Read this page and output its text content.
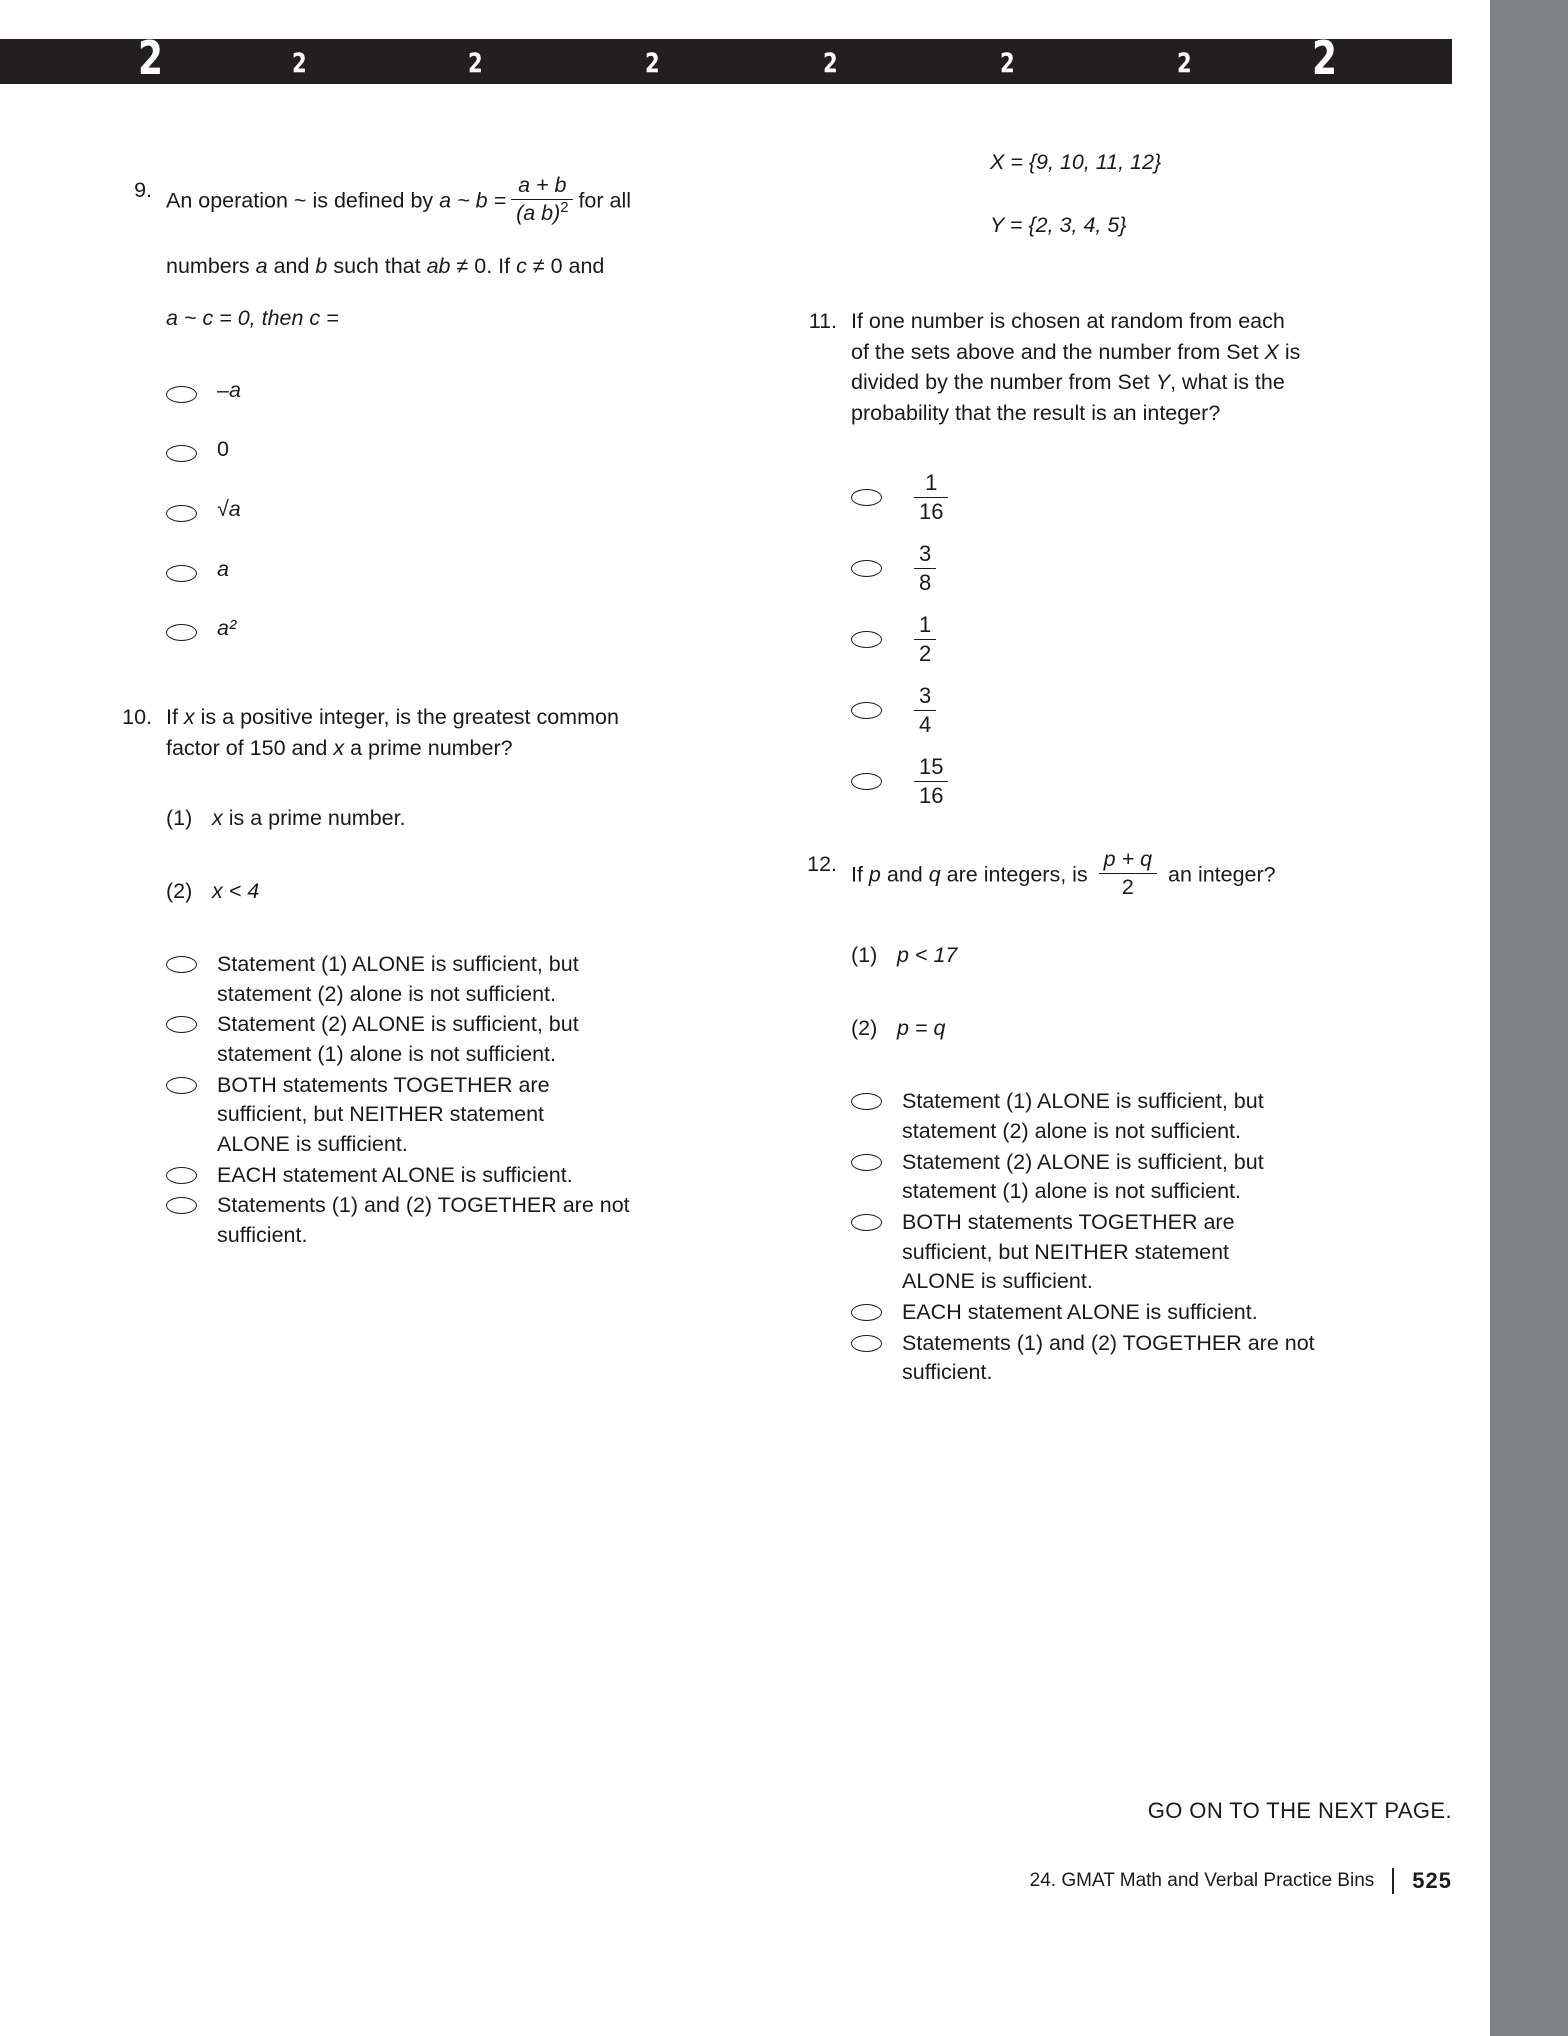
2	2	2	2	2	2	2	2
9. An operation ~ is defined by a ~ $b = \frac{a + b}{(a b)^2}$ for all
numbers a and b such that ab ≠ 0. If c ≠ 0 and
a ~ c = 0, then c =
–a
0
√a
a
a²
10. If x is a positive integer, is the greatest common
factor of 150 and x a prime number?
(1) x is a prime number.
(2) x < 4
Statement (1) ALONE is sufficient, but statement (2) alone is not sufficient.
Statement (2) ALONE is sufficient, but statement (1) alone is not sufficient.
BOTH statements TOGETHER are sufficient, but NEITHER statement ALONE is sufficient.
EACH statement ALONE is sufficient.
Statements (1) and (2) TOGETHER are not sufficient.
X = {9, 10, 11, 12}
Y = {2, 3, 4, 5}
11. If one number is chosen at random from each
of the sets above and the number from Set X is
divided by the number from Set Y, what is the
probability that the result is an integer?
$\frac{1}{16}$
$\frac{3}{8}$
$\frac{1}{2}$
$\frac{3}{4}$
$\frac{15}{16}$
12. If p and q are integers, is $\frac{p + q}{2}$ an integer?
(1) p < 17
(2) p = q
Statement (1) ALONE is sufficient, but statement (2) alone is not sufficient.
Statement (2) ALONE is sufficient, but statement (1) alone is not sufficient.
BOTH statements TOGETHER are sufficient, but NEITHER statement ALONE is sufficient.
EACH statement ALONE is sufficient.
Statements (1) and (2) TOGETHER are not sufficient.
GO ON TO THE NEXT PAGE.
24. GMAT Math and Verbal Practice Bins 525
